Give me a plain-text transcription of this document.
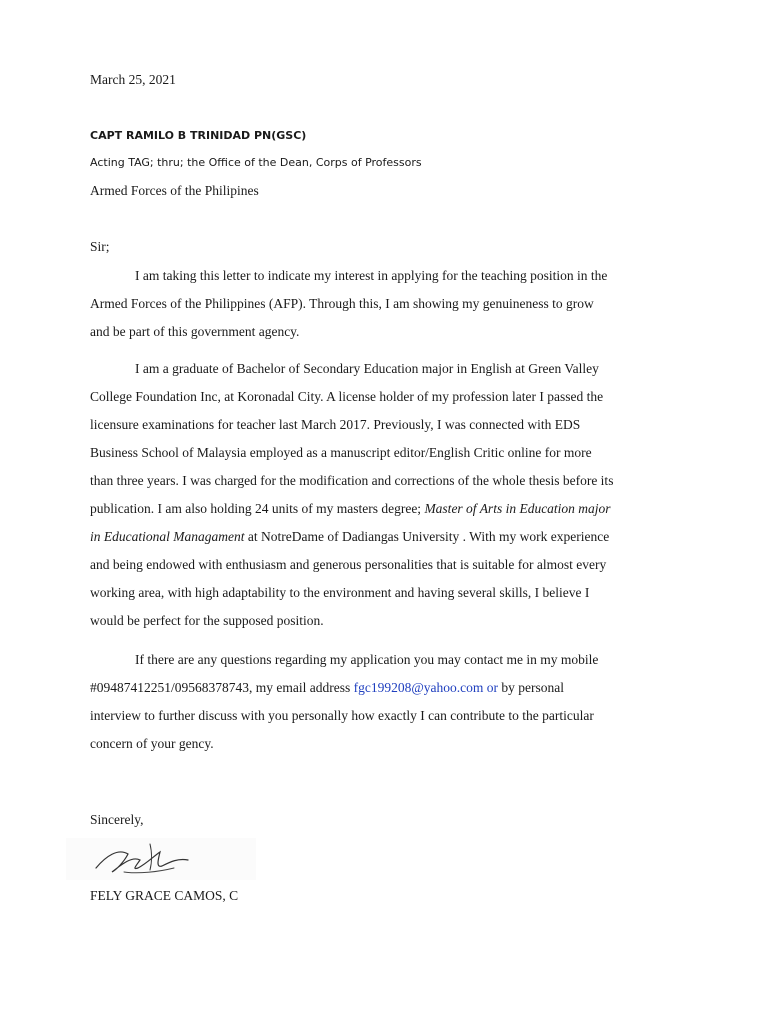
March 25, 2021
CAPT RAMILO B TRINIDAD PN(GSC)
Acting TAG; thru; the Office of the Dean, Corps of Professors
Armed Forces of the Philipines
Sir;
I am taking this letter to indicate my interest in applying for the teaching position in the
Armed Forces of the Philippines (AFP). Through this, I am showing my genuineness to grow
and be part of this government agency.
I am a graduate of Bachelor of Secondary Education major in English at Green Valley
College Foundation Inc, at Koronadal City. A license holder of my profession later I passed the
licensure examinations for teacher last March 2017. Previously, I was connected with EDS
Business School of Malaysia employed as a manuscript editor/English Critic online for more
than three years. I was charged for the modification and corrections of the whole thesis before its
publication. I am also holding 24 units of my masters degree; Master of Arts in Education major
in Educational Managament at NotreDame of Dadiangas University . With my work experience
and being endowed with enthusiasm and generous personalities that is suitable for almost every
working area, with high adaptability to the environment and having several skills, I believe I
would be perfect for the supposed position.
If there are any questions regarding my application you may contact me in my mobile
#09487412251/09568378743, my email address fgc199208@yahoo.com or by personal
interview to further discuss with you personally how exactly I can contribute to the particular
concern of your gency.
Sincerely,
FELY GRACE CAMOS, C
